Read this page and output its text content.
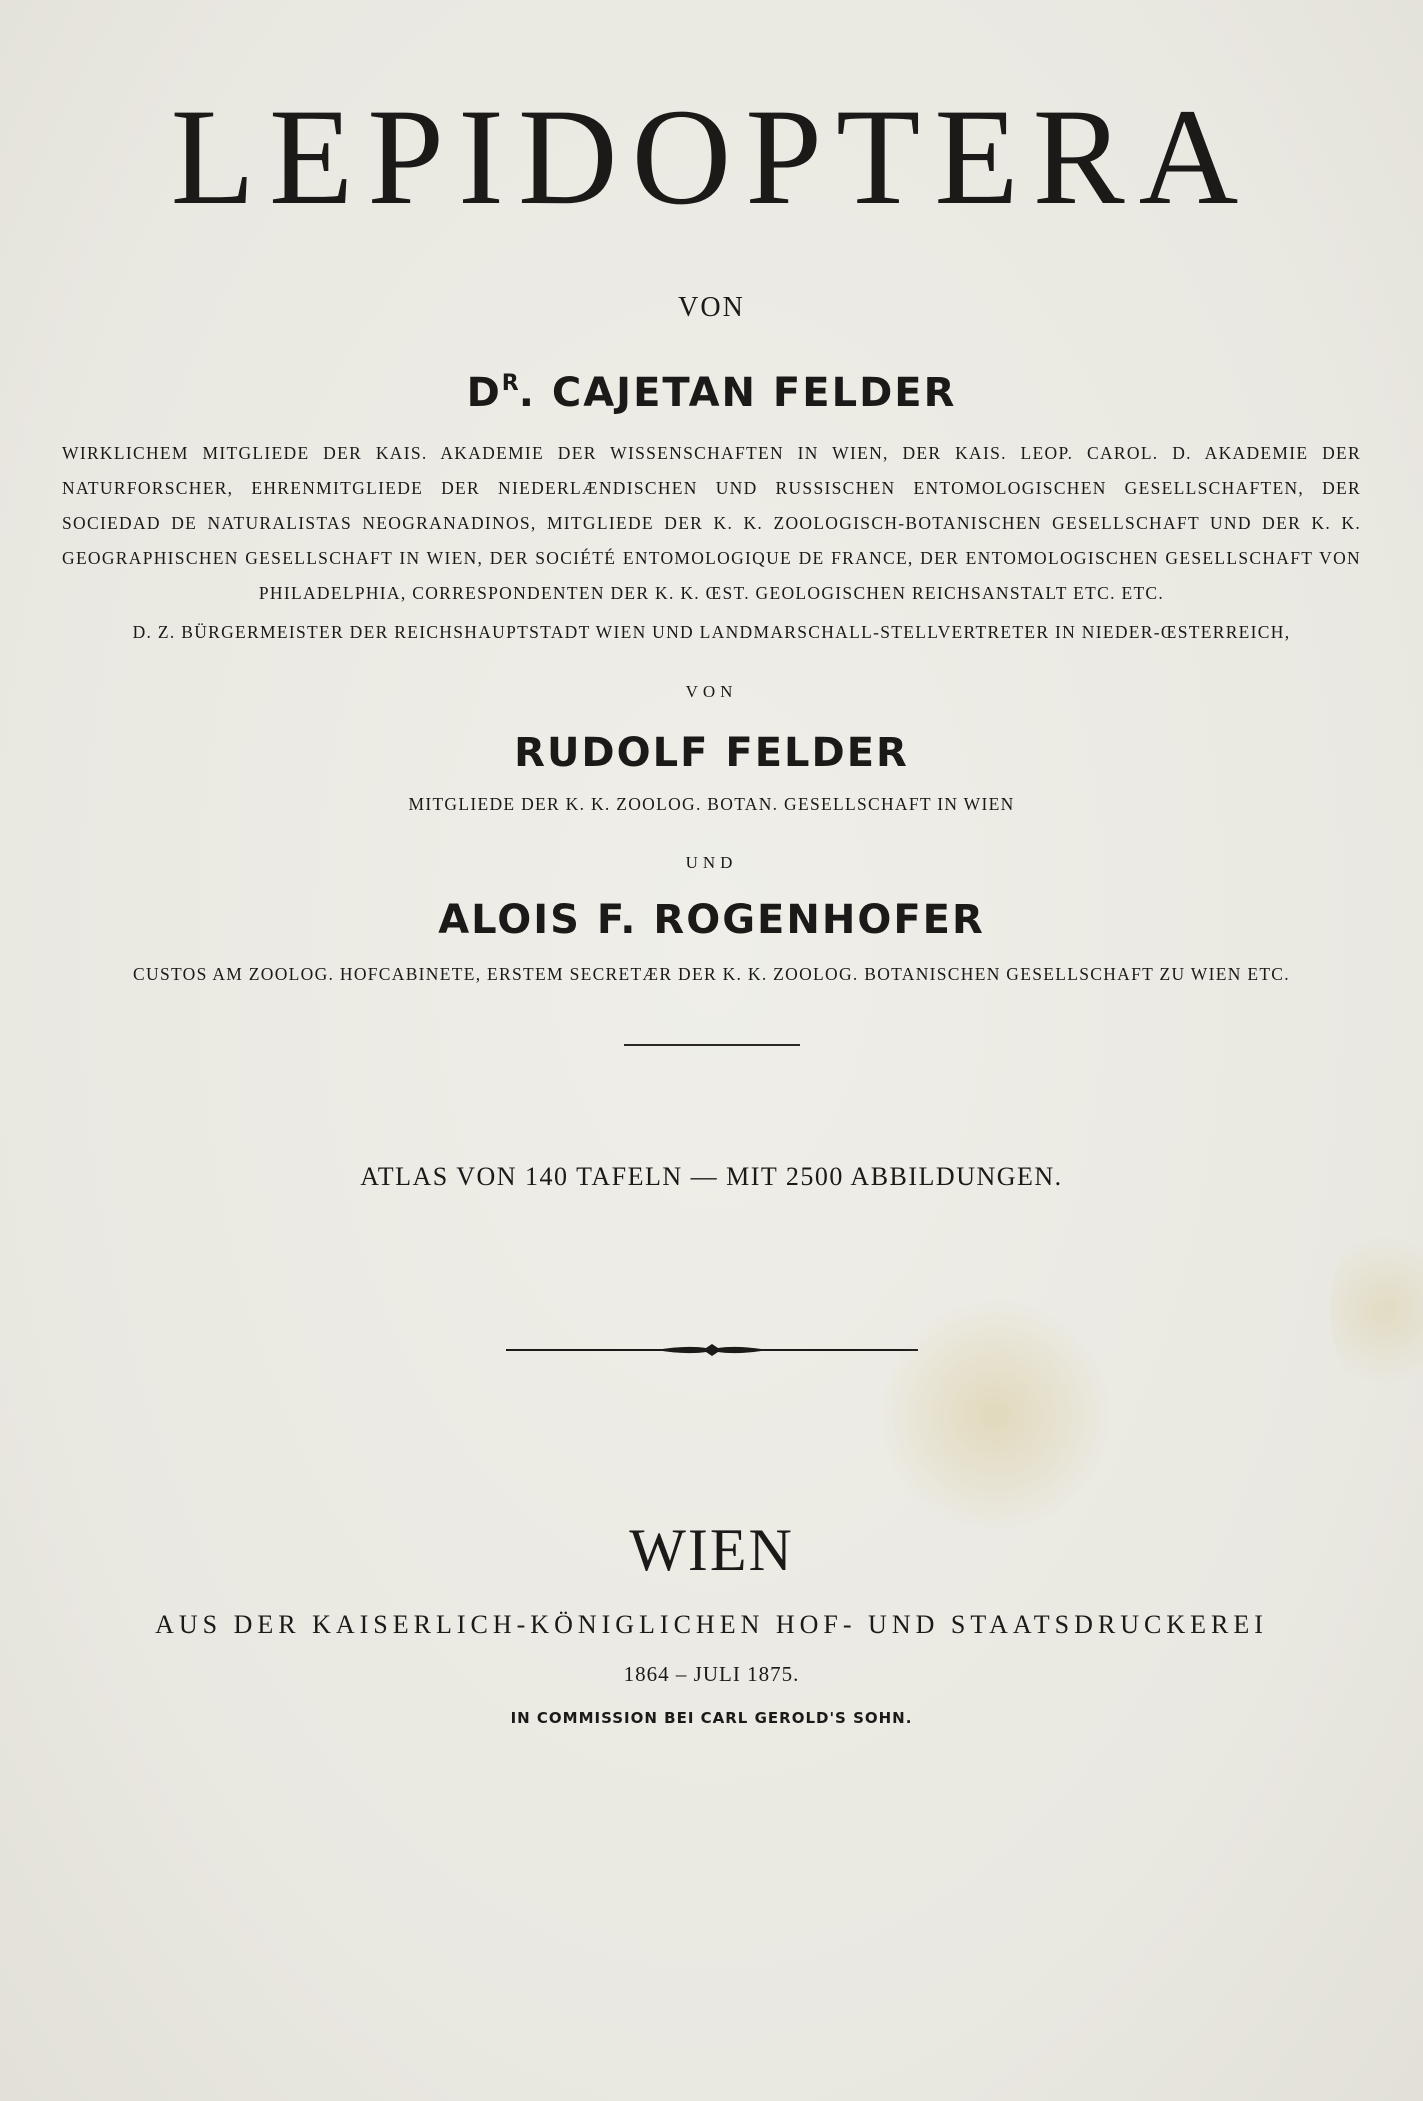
LEPIDOPTERA
VON
$D^R$. CAJETAN FELDER

WIRKLICHEM MITGLIEDE DER KAIS. AKADEMIE DER WISSENSCHAFTEN IN WIEN, DER KAIS. LEOP. CAROL. D. AKADEMIE DER NATURFORSCHER, EHRENMITGLIEDE DER NIEDERLÆNDISCHEN UND RUSSISCHEN ENTOMOLOGISCHEN GESELLSCHAFTEN, DER SOCIEDAD DE NATURALISTAS NEOGRANADINOS, MITGLIEDE DER K. K. ZOOLOGISCH-BOTANISCHEN GESELLSCHAFT UND DER K. K. GEOGRAPHISCHEN GESELLSCHAFT IN WIEN, DER SOCIÉTÉ ENTOMOLOGIQUE DE FRANCE, DER ENTOMOLOGISCHEN GESELLSCHAFT VON PHILADELPHIA, CORRESPONDENTEN DER K. K. ŒST. GEOLOGISCHEN REICHSANSTALT ETC. ETC.

D. Z. BÜRGERMEISTER DER REICHSHAUPTSTADT WIEN UND LANDMARSCHALL-STELLVERTRETER IN NIEDER-ŒSTERREICH,

VON
RUDOLF FELDER
MITGLIEDE DER K. K. ZOOLOG. BOTAN. GESELLSCHAFT IN WIEN
UND
ALOIS F. ROGENHOFER
CUSTOS AM ZOOLOG. HOFCABINETE, ERSTEM SECRETÆR DER K. K. ZOOLOG. BOTANISCHEN GESELLSCHAFT ZU WIEN ETC.
ATLAS VON 140 TAFELN — MIT 2500 ABBILDUNGEN.
WIEN
AUS DER KAISERLICH-KÖNIGLICHEN HOF- UND STAATSDRUCKEREI
1864 – JULI 1875.
IN COMMISSION BEI CARL GEROLD'S SOHN.
